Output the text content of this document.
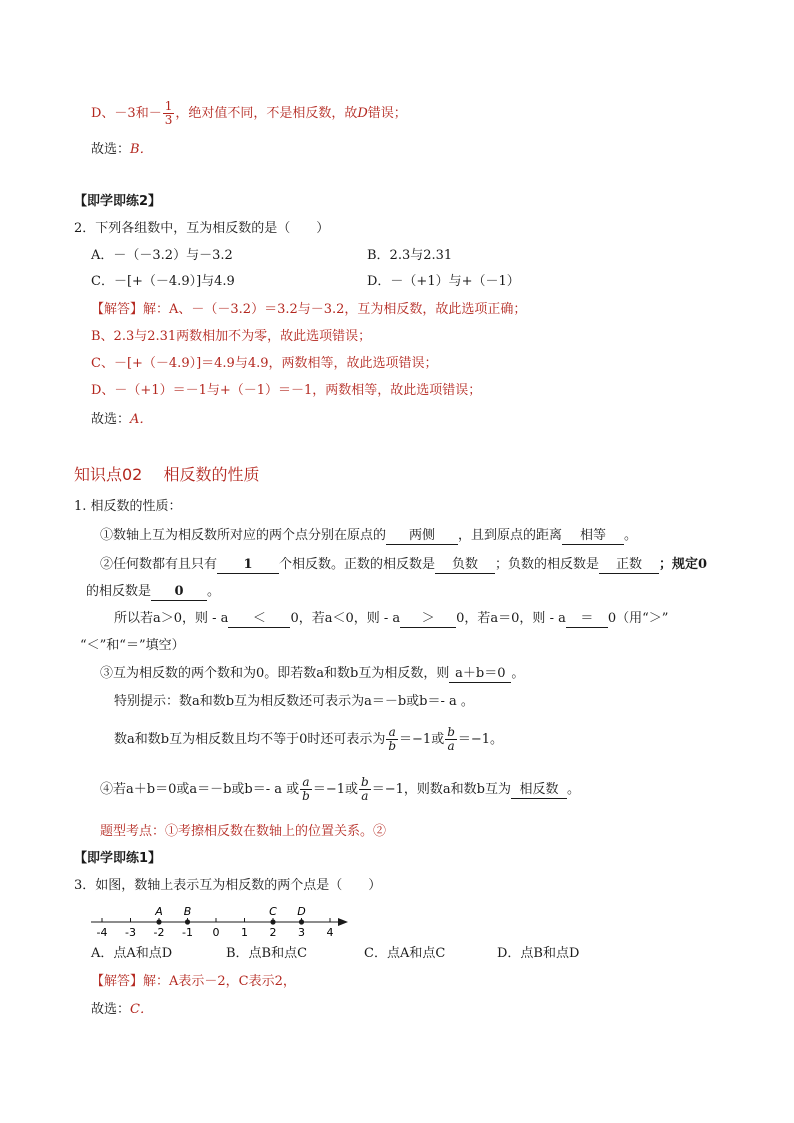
D、－3和－ $\frac{1}{3}$ ，绝对值不同，不是相反数，故D错误；
故选：B．
【即学即练2】
2．下列各组数中，互为相反数的是（　　）
A．－（－3.2）与－3.2	B．2.3与2.31
C．－[+（－4.9）]与4.9	D．－（+1）与+（－1）
【解答】解：A、－（－3.2）＝3.2与－3.2，互为相反数，故此选项正确；
B、2.3与2.31两数相加不为零，故此选项错误；
C、－[+（－4.9）]＝4.9与4.9，两数相等，故此选项错误；
D、－（+1）＝－1与+（－1）＝－1，两数相等，故此选项错误；
故选：A．
知识点02　 相反数的性质
1. 相反数的性质：
①数轴上互为相反数所对应的两个点分别在原点的 两侧 ，且到原点的距离 相等 。
②任何数都有且只有 1 个相反数。正数的相反数是 负数 ；负数的相反数是 正数 ；规定0
的相反数是 0 。
所以若a＞0，则 - a ＜ 0，若a＜0，则 - a ＞ 0，若a＝0，则 - a ＝ 0（用“＞”
“＜”和“＝”填空）
③互为相反数的两个数和为0。即若数a和数b互为相反数，则 a＋b＝0 。
特别提示：数a和数b互为相反数还可表示为a＝－b或b＝- a 。
数a和数b互为相反数且均不等于0时还可表示为 $\frac{a}{b} =-1$或 $\frac{b}{a} =-1$。
④若a＋b＝0或a＝－b或b＝- a 或 $\frac{a}{b} =-1$或 $\frac{b}{a} =-1$，则数a和数b互为 相反数 。
题型考点：①考擦相反数在数轴上的位置关系。②
【即学即练1】
3．如图，数轴上表示互为相反数的两个点是（　　）
-4 -3 -2 -1 0 1 2 3 4
A B	C D
A．点A和点D	B．点B和点C	C．点A和点C	D．点B和点D
【解答】解：A表示－2，C表示2，
故选：C．
